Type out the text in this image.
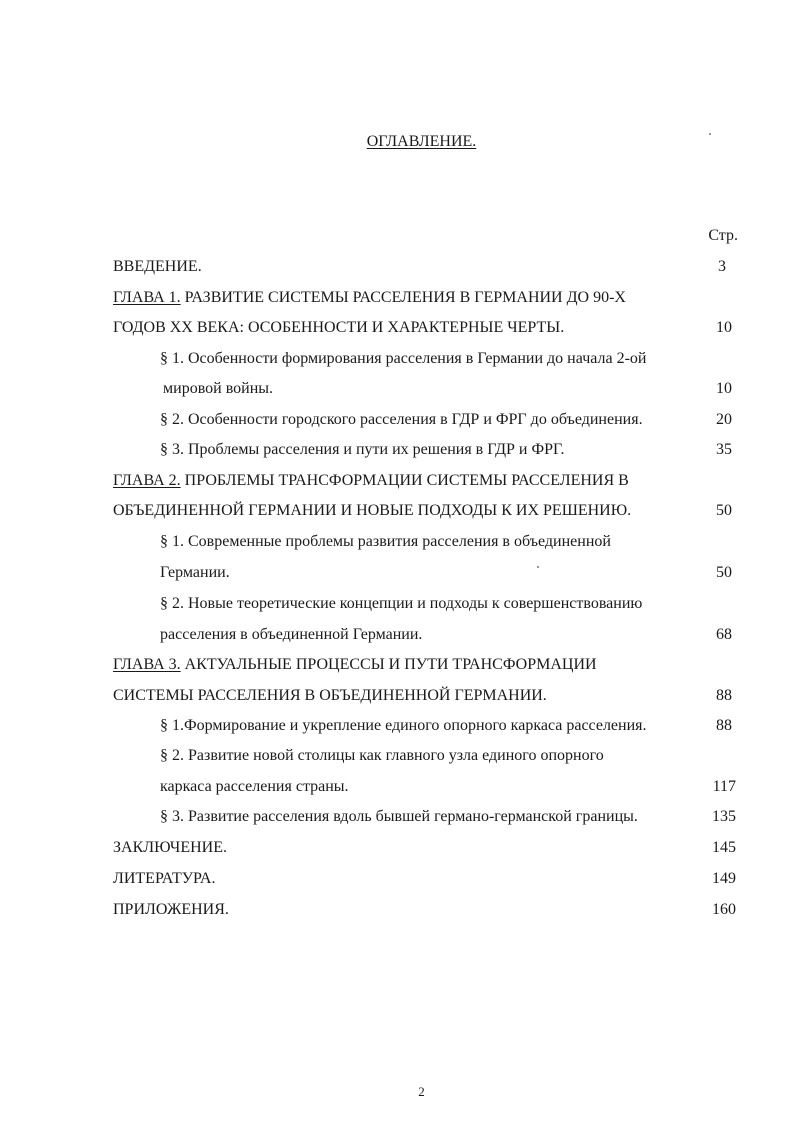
ОГЛАВЛЕНИЕ.
Стр.
ВВЕДЕНИЕ.	3
ГЛАВА 1. РАЗВИТИЕ СИСТЕМЫ РАССЕЛЕНИЯ В ГЕРМАНИИ ДО 90-Х
ГОДОВ XX ВЕКА: ОСОБЕННОСТИ И ХАРАКТЕРНЫЕ ЧЕРТЫ.	10
§ 1. Особенности формирования расселения в Германии до начала 2-ой
мировой войны.	10
§ 2. Особенности городского расселения в ГДР и ФРГ до объединения.	20
§ 3. Проблемы расселения и пути их решения в ГДР и ФРГ.	35
ГЛАВА 2. ПРОБЛЕМЫ ТРАНСФОРМАЦИИ СИСТЕМЫ РАССЕЛЕНИЯ В
ОБЪЕДИНЕННОЙ ГЕРМАНИИ И НОВЫЕ ПОДХОДЫ К ИХ РЕШЕНИЮ.	50
§ 1. Современные проблемы развития расселения в объединенной
Германии.	50
§ 2. Новые теоретические концепции и подходы к совершенствованию
расселения в объединенной Германии.	68
ГЛАВА 3. АКТУАЛЬНЫЕ ПРОЦЕССЫ И ПУТИ ТРАНСФОРМАЦИИ
СИСТЕМЫ РАССЕЛЕНИЯ В ОБЪЕДИНЕННОЙ ГЕРМАНИИ.	88
§ 1.Формирование и укрепление единого опорного каркаса расселения.	88
§ 2. Развитие новой столицы как главного узла единого опорного
каркаса расселения страны.	117
§ 3. Развитие расселения вдоль бывшей германо-германской границы.	135
ЗАКЛЮЧЕНИЕ.	145
ЛИТЕРАТУРА.	149
ПРИЛОЖЕНИЯ.	160
2
